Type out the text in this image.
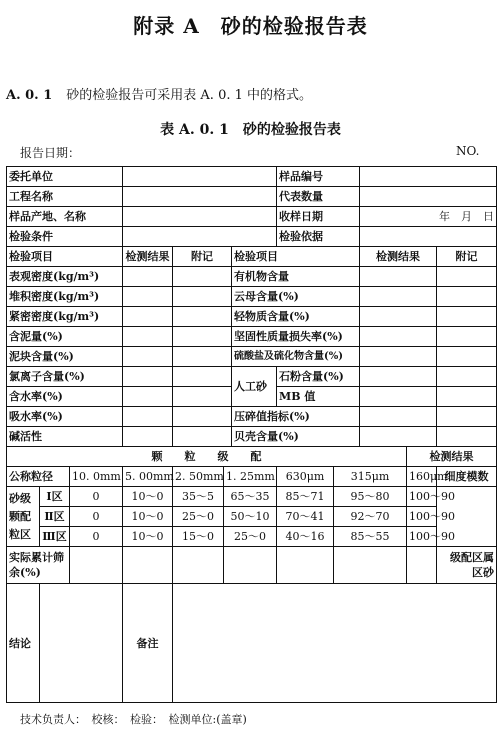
附录 A　砂的检验报告表
A. 0. 1 砂的检验报告可采用表 A. 0. 1 中的格式。
表 A. 0. 1　砂的检验报告表
报告日期：	NO.
委托单位							样品编号				
工程名称							代表数量				
样品产地、名称							收样日期		年　月　日		
检验条件							检验依据				
检验项目			检测结果	附记		检验项目			检测结果		附记
表观密度(kg/m³)						有机物含量					
堆积密度(kg/m³)						云母含量(%)					
紧密密度(kg/m³)						轻物质含量(%)					
含泥量(%)						坚固性质量损失率(%)					
泥块含量(%)						硫酸盐及硫化物含量(%)					
氯离子含量(%)						人工砂	石粉含量(%)				
含水率(%)							MB 值				
吸水率(%)						压碎值指标(%)					
碱活性						贝壳含量(%)					
颗　　粒　　级　　配										检测结果	
公称粒径		10. 0mm	5. 00mm	2. 50mm	1. 25mm		630μm	315μm		160μm	细度模数
砂级颗配粒区	Ⅰ区	0	10～0	35～5	65～35		85～71	95～80		100～90	
	Ⅱ区	0	10～0	25～0	50～10		70～41	92～70		100～90	
	Ⅲ区	0	10～0	15～0	25～0		40～16	85～55		100～90	
实际累计筛余(%)											级配区属
区砂
结论			备注								
技术负责人：　校核：　检验：　检测单位:(盖章)
